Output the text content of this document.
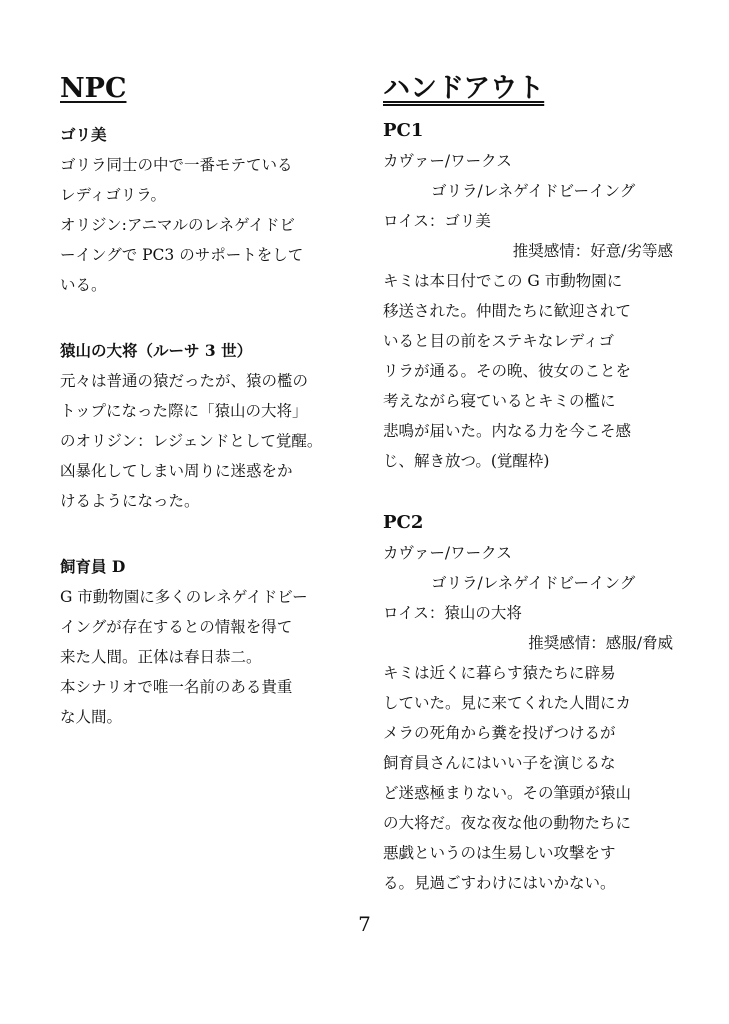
NPC
ゴリ美
ゴリラ同士の中で一番モテている
レディゴリラ。
オリジン:アニマルのレネゲイドビ
ーイングで PC3 のサポートをして
いる。
猿山の大将（ルーサ 3 世）
元々は普通の猿だったが、猿の檻の
トップになった際に「猿山の大将」
のオリジン：レジェンドとして覚醒。
凶暴化してしまい周りに迷惑をか
けるようになった。
飼育員 D
G 市動物園に多くのレネゲイドビー
イングが存在するとの情報を得て
来た人間。正体は春日恭二。
本シナリオで唯一名前のある貴重
な人間。
ハンドアウト
PC1
カヴァー/ワークス
ゴリラ/レネゲイドビーイング
ロイス：ゴリ美
推奨感情：好意/劣等感
キミは本日付でこの G 市動物園に
移送された。仲間たちに歓迎されて
いると目の前をステキなレディゴ
リラが通る。その晩、彼女のことを
考えながら寝ているとキミの檻に
悲鳴が届いた。内なる力を今こそ感
じ、解き放つ。(覚醒枠)
PC2
カヴァー/ワークス
ゴリラ/レネゲイドビーイング
ロイス：猿山の大将
推奨感情：感服/脅威
キミは近くに暮らす猿たちに辟易
していた。見に来てくれた人間にカ
メラの死角から糞を投げつけるが
飼育員さんにはいい子を演じるな
ど迷惑極まりない。その筆頭が猿山
の大将だ。夜な夜な他の動物たちに
悪戯というのは生易しい攻撃をす
る。見過ごすわけにはいかない。
7
